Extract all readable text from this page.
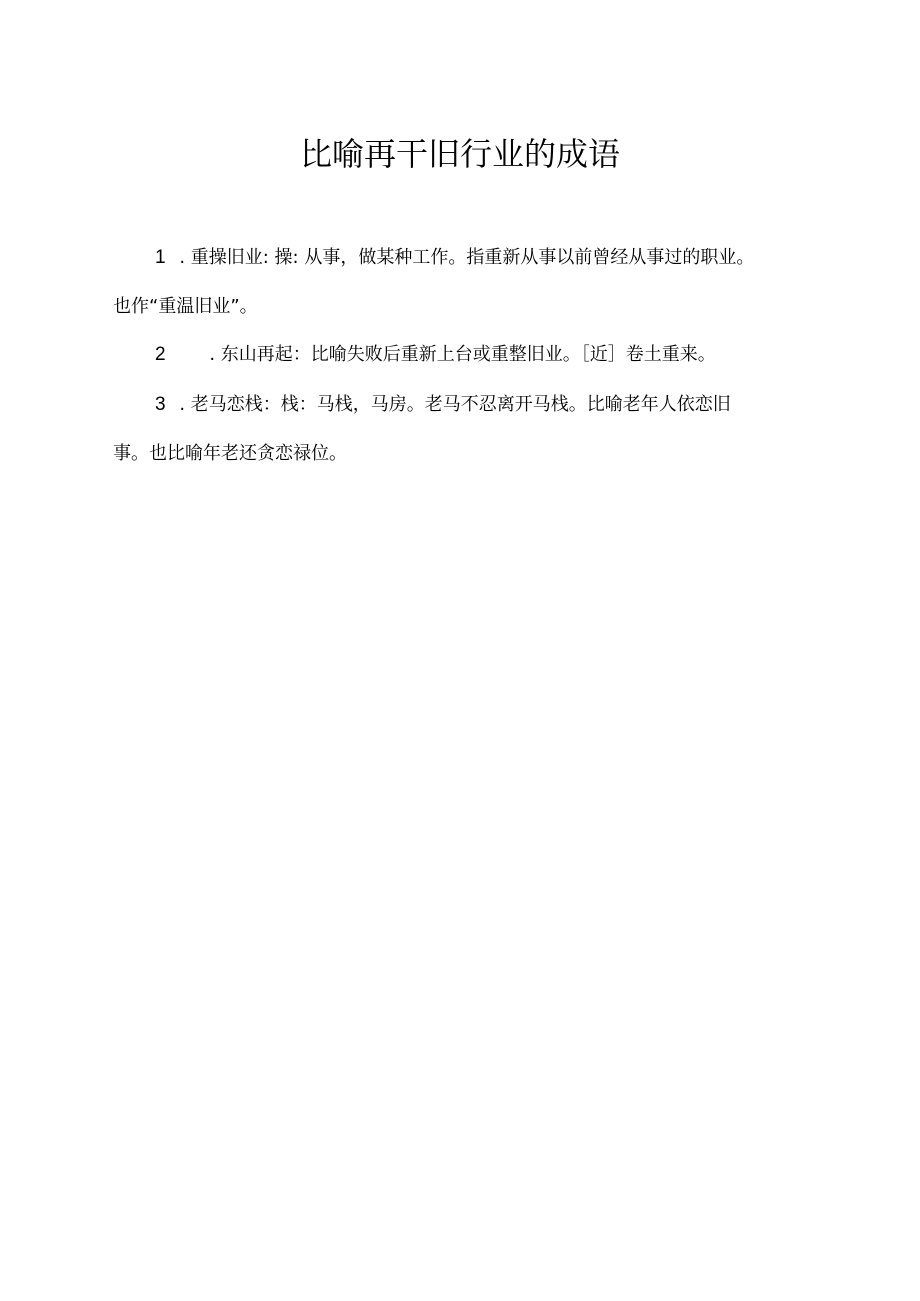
比喻再干旧行业的成语
1 . 重操旧业: 操: 从事，做某种工作。指重新从事以前曾经从事过的职业。
也作“重温旧业”。
2 . 东山再起：比喻失败后重新上台或重整旧业。［近］卷土重来。
3 . 老马恋栈：栈：马栈，马房。老马不忍离开马栈。比喻老年人依恋旧
事。也比喻年老还贪恋禄位。
